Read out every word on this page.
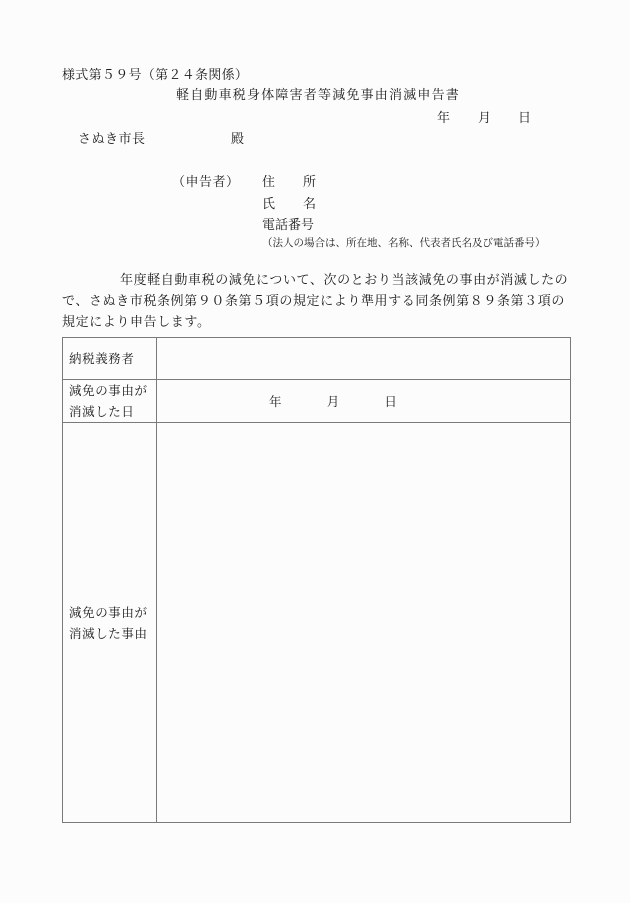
様式第５９号（第２４条関係）
軽自動車税身体障害者等減免事由消滅申告書
年 月 日
さぬき市長	殿
（申告者） 住 所
氏 名
電話番号
（法人の場合は、所在地、名称、代表者氏名及び電話番号）
年度軽自動車税の減免について、次のとおり当該減免の事由が消滅したので、さぬき市税条例第９０条第５項の規定により準用する同条例第８９条第３項の規定により申告します。
納税義務者	

減免の事由が
消滅した日	年 月 日

減免の事由が
消滅した事由	
